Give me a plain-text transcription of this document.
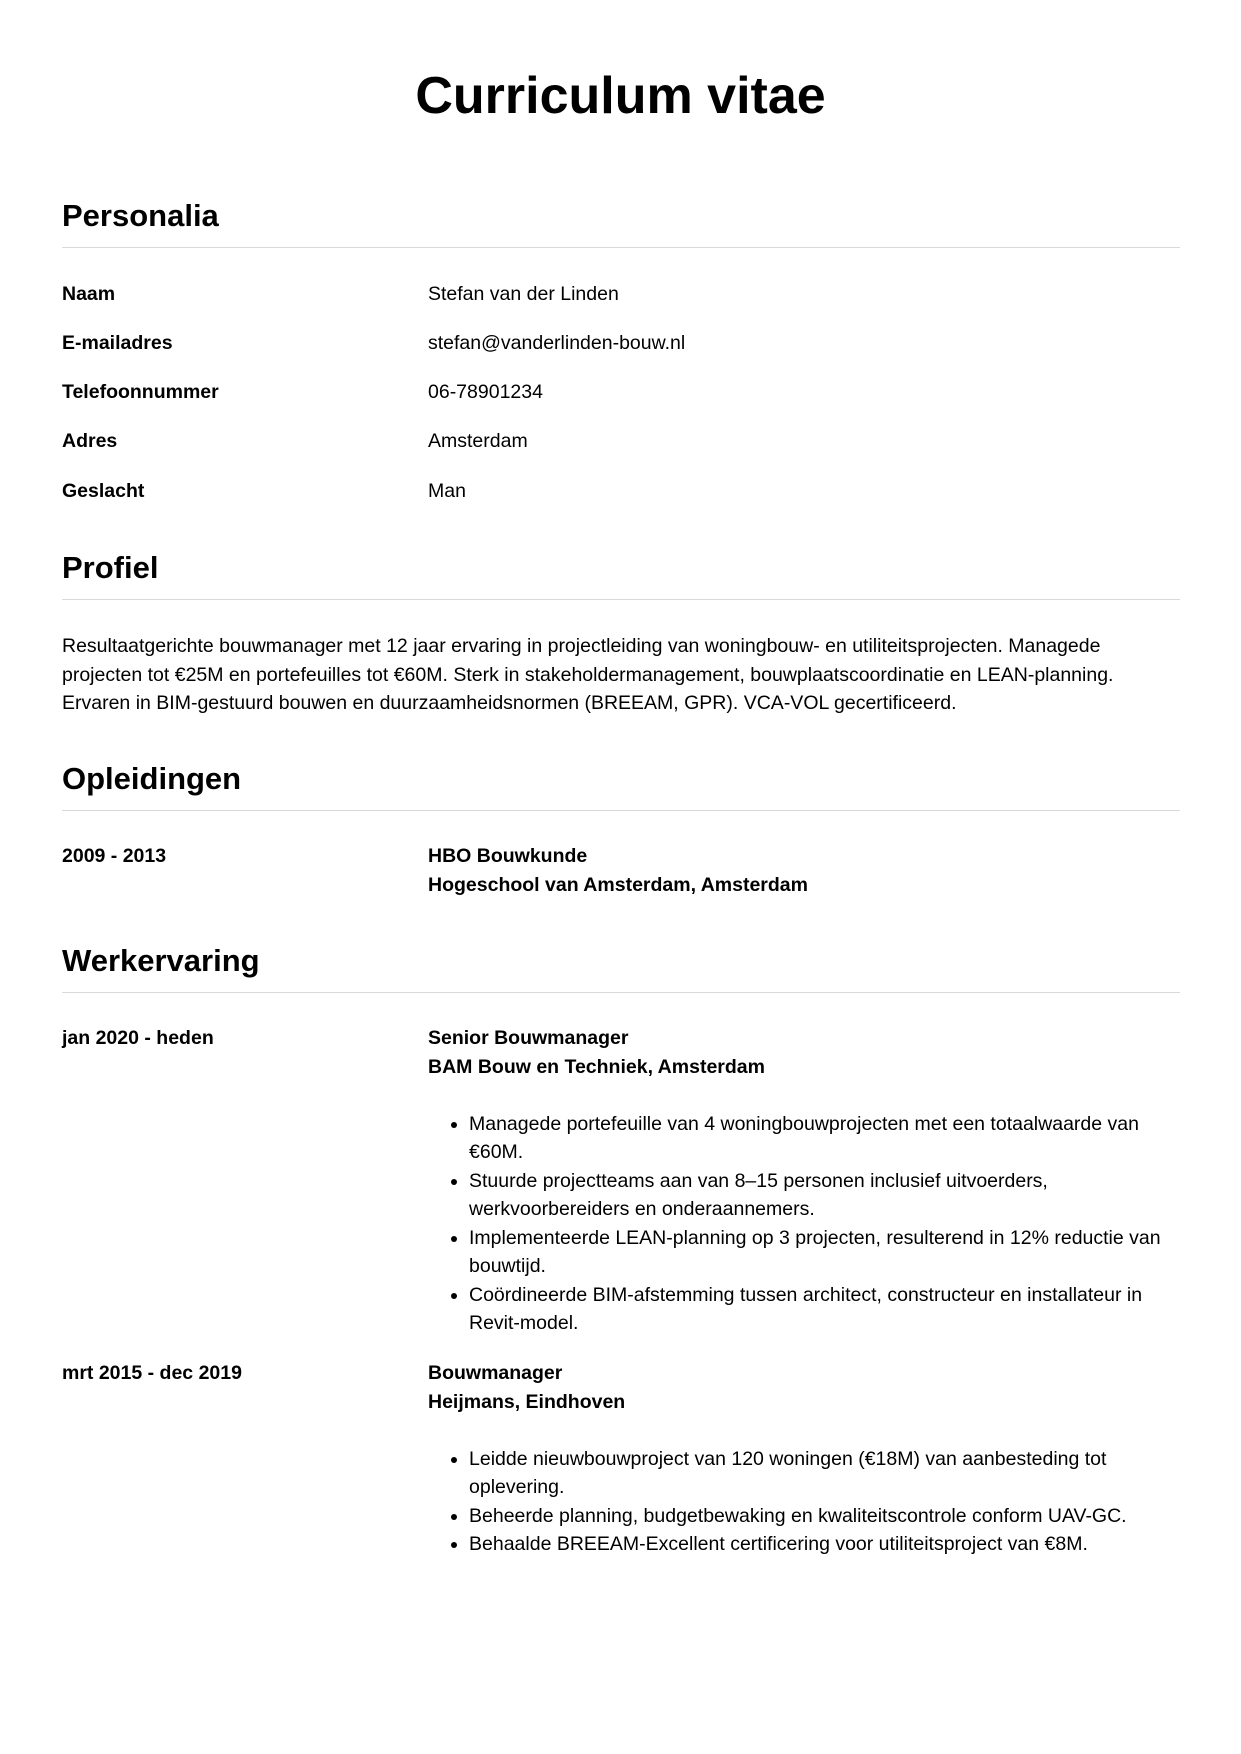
Curriculum vitae
Personalia
Naam	Stefan van der Linden
E-mailadres	stefan@vanderlinden-bouw.nl
Telefoonnummer	06-78901234
Adres	Amsterdam
Geslacht	Man
Profiel

Resultaatgerichte bouwmanager met 12 jaar ervaring in projectleiding van woningbouw- en utiliteitsprojecten. Managede projecten tot €25M en portefeuilles tot €60M. Sterk in stakeholdermanagement, bouwplaatscoordinatie en LEAN-planning. Ervaren in BIM-gestuurd bouwen en duurzaamheidsnormen (BREEAM, GPR). VCA-VOL gecertificeerd.

Opleidingen
2009 - 2013	HBO Bouwkunde
Hogeschool van Amsterdam, Amsterdam
Werkervaring
jan 2020 - heden	Senior Bouwmanager
BAM Bouw en Techniek, Amsterdam
• Managede portefeuille van 4 woningbouwprojecten met een totaalwaarde van €60M.
• Stuurde projectteams aan van 8–15 personen inclusief uitvoerders, werkvoorbereiders en onderaannemers.
• Implementeerde LEAN-planning op 3 projecten, resulterend in 12% reductie van bouwtijd.
• Coördineerde BIM-afstemming tussen architect, constructeur en installateur in Revit-model.
mrt 2015 - dec 2019	Bouwmanager
Heijmans, Eindhoven
• Leidde nieuwbouwproject van 120 woningen (€18M) van aanbesteding tot oplevering.
• Beheerde planning, budgetbewaking en kwaliteitscontrole conform UAV-GC.
• Behaalde BREEAM-Excellent certificering voor utiliteitsproject van €8M.
